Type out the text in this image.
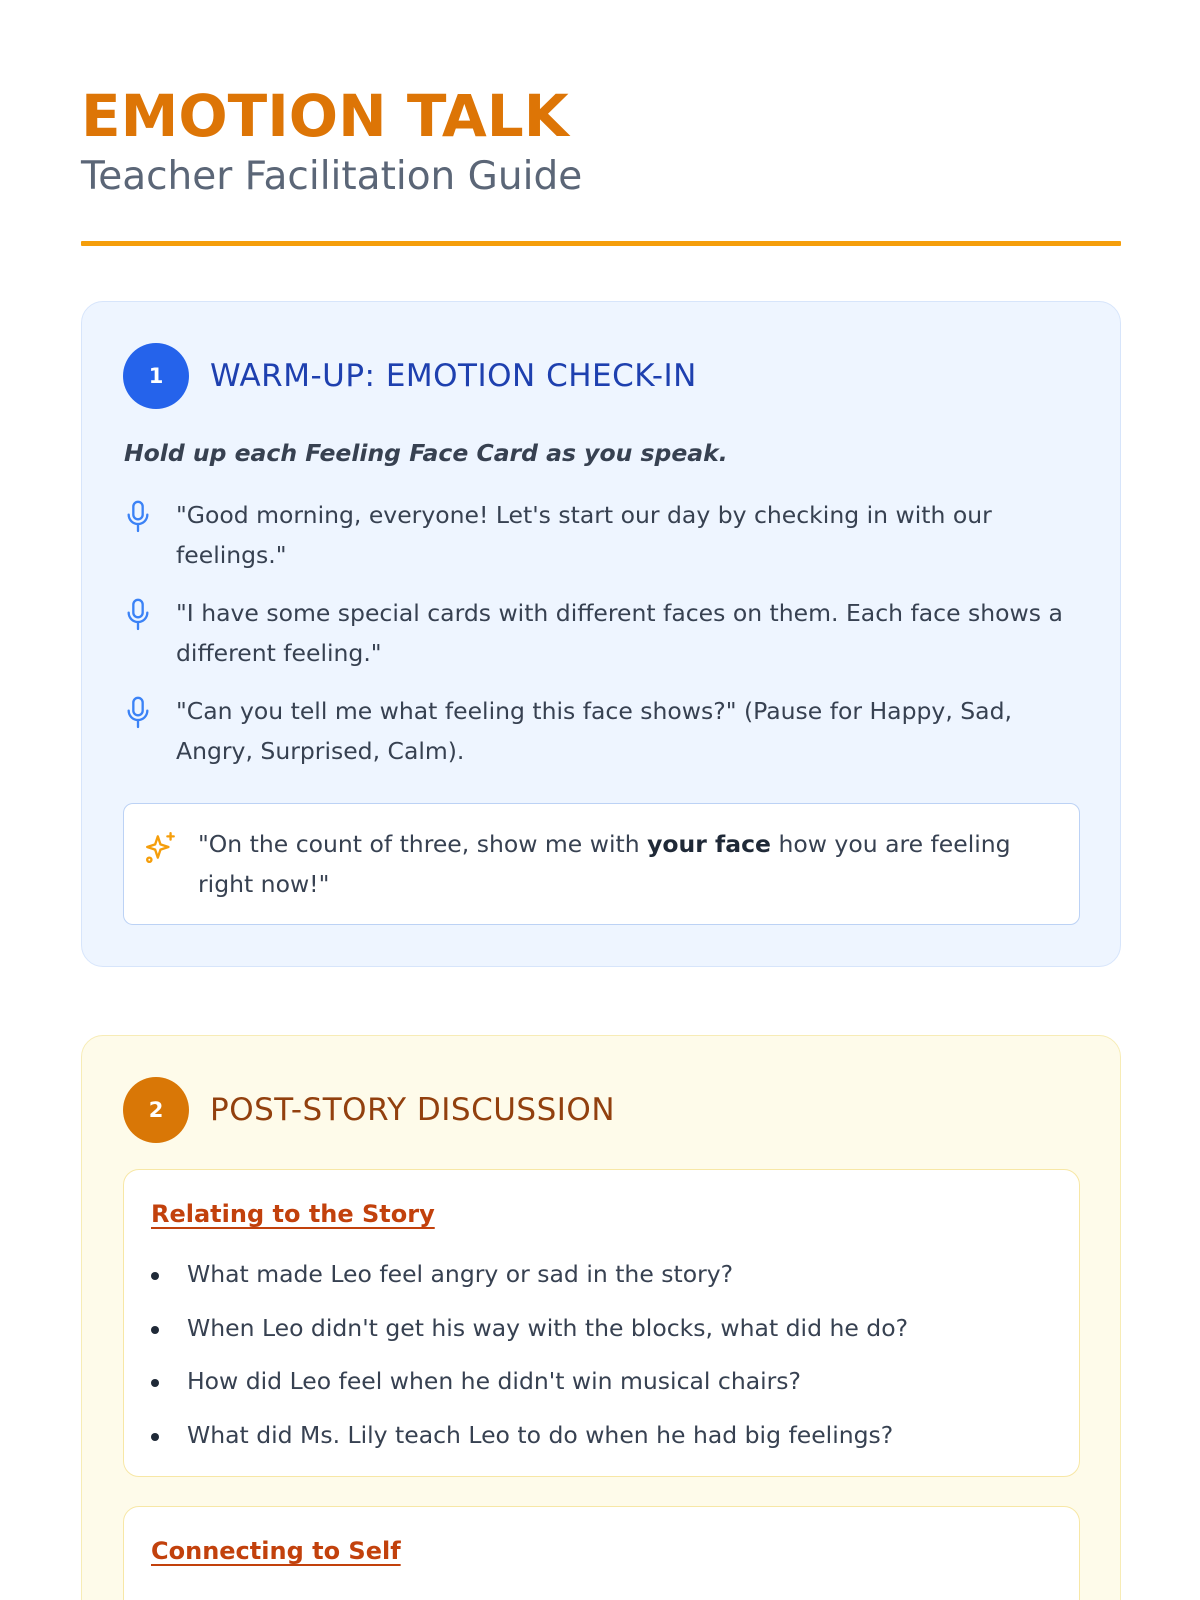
EMOTION TALK
Teacher Facilitation Guide
1	WARM-UP: EMOTION CHECK-IN
Hold up each Feeling Face Card as you speak.
"Good morning, everyone! Let's start our day by checking in with our feelings."
"I have some special cards with different faces on them. Each face shows a different feeling."
"Can you tell me what feeling this face shows?" (Pause for Happy, Sad, Angry, Surprised, Calm).
"On the count of three, show me with your face how you are feeling right now!"
2	POST-STORY DISCUSSION
Relating to the Story
What made Leo feel angry or sad in the story?
When Leo didn't get his way with the blocks, what did he do?
How did Leo feel when he didn't win musical chairs?
What did Ms. Lily teach Leo to do when he had big feelings?
Connecting to Self
